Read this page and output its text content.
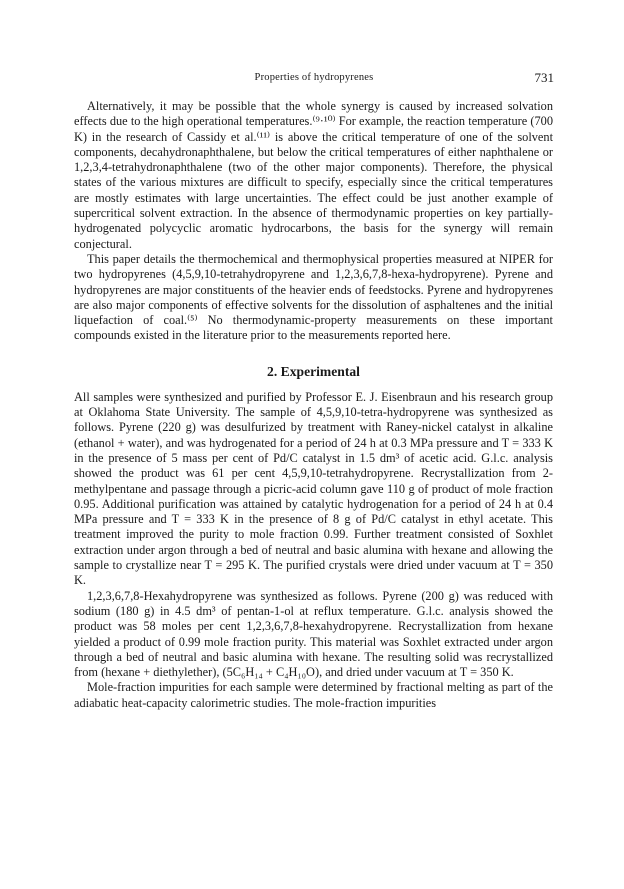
Properties of hydropyrenes	731

Alternatively, it may be possible that the whole synergy is caused by increased solvation effects due to the high operational temperatures.⁽⁹·¹⁰⁾ For example, the reaction temperature (700 K) in the research of Cassidy et al.⁽¹¹⁾ is above the critical temperature of one of the solvent components, decahydronaphthalene, but below the critical temperatures of either naphthalene or 1,2,3,4-tetrahydronaphthalene (two of the other major components). Therefore, the physical states of the various mixtures are difficult to specify, especially since the critical temperatures are mostly estimates with large uncertainties. The effect could be just another example of supercritical solvent extraction. In the absence of thermodynamic properties on key partially-hydrogenated polycyclic aromatic hydrocarbons, the basis for the synergy will remain conjectural.

This paper details the thermochemical and thermophysical properties measured at NIPER for two hydropyrenes (4,5,9,10-tetrahydropyrene and 1,2,3,6,7,8-hexa-hydropyrene). Pyrene and hydropyrenes are major constituents of the heavier ends of feedstocks. Pyrene and hydropyrenes are also major components of effective solvents for the dissolution of asphaltenes and the initial liquefaction of coal.⁽⁵⁾ No thermodynamic-property measurements on these important compounds existed in the literature prior to the measurements reported here.

2. Experimental

All samples were synthesized and purified by Professor E. J. Eisenbraun and his research group at Oklahoma State University. The sample of 4,5,9,10-tetra-hydropyrene was synthesized as follows. Pyrene (220 g) was desulfurized by treatment with Raney-nickel catalyst in alkaline (ethanol + water), and was hydrogenated for a period of 24 h at 0.3 MPa pressure and T = 333 K in the presence of 5 mass per cent of Pd/C catalyst in 1.5 dm³ of acetic acid. G.l.c. analysis showed the product was 61 per cent 4,5,9,10-tetrahydropyrene. Recrystallization from 2-methylpentane and passage through a picric-acid column gave 110 g of product of mole fraction 0.95. Additional purification was attained by catalytic hydrogenation for a period of 24 h at 0.4 MPa pressure and T = 333 K in the presence of 8 g of Pd/C catalyst in ethyl acetate. This treatment improved the purity to mole fraction 0.99. Further treatment consisted of Soxhlet extraction under argon through a bed of neutral and basic alumina with hexane and allowing the sample to crystallize near T = 295 K. The purified crystals were dried under vacuum at T = 350 K.

1,2,3,6,7,8-Hexahydropyrene was synthesized as follows. Pyrene (200 g) was reduced with sodium (180 g) in 4.5 dm³ of pentan-1-ol at reflux temperature. G.l.c. analysis showed the product was 58 moles per cent 1,2,3,6,7,8-hexahydropyrene. Recrystallization from hexane yielded a product of 0.99 mole fraction purity. This material was Soxhlet extracted under argon through a bed of neutral and basic alumina with hexane. The resulting solid was recrystallized from (hexane + diethylether), (5C₆H₁₄ + C₄H₁₀O), and dried under vacuum at T = 350 K.

Mole-fraction impurities for each sample were determined by fractional melting as part of the adiabatic heat-capacity calorimetric studies. The mole-fraction impurities
